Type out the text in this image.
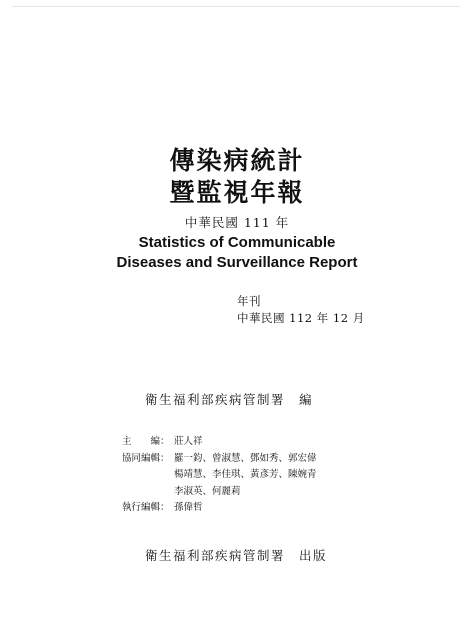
傳染病統計
暨監視年報
中華民國 111 年
Statistics of Communicable
Diseases and Surveillance Report
年刊
中華民國 112 年 12 月
衛生福利部疾病管制署　編
主　　編： 莊人祥
協同編輯： 羅一鈞、曾淑慧、鄧如秀、郭宏偉
楊靖慧、李佳琪、黃彥芳、陳婉青
李淑英、何麗莉
執行編輯： 孫偉哲
衛生福利部疾病管制署　出版
